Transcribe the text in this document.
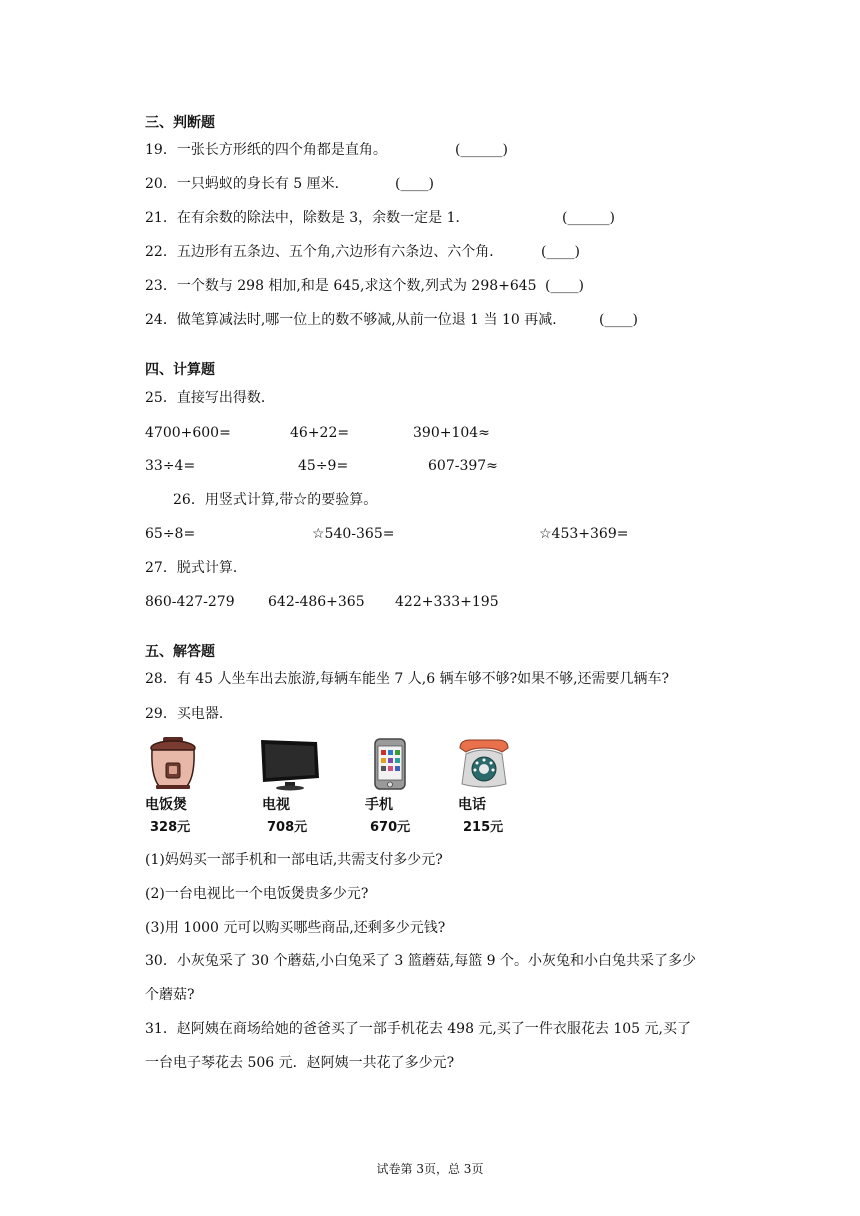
三、判断题
19．一张长方形纸的四个角都是直角。	(______)
20．一只蚂蚁的身长有 5 厘米．	(____)
21．在有余数的除法中，除数是 3，余数一定是 1．	(______)
22．五边形有五条边、五个角,六边形有六条边、六个角．	(____)
23．一个数与 298 相加,和是 645,求这个数,列式为 298+645 (____)
24．做笔算减法时,哪一位上的数不够减,从前一位退 1 当 10 再减． (____)
四、计算题
25．直接写出得数．
4700+600=	46+22=	390+104≈
33÷4=	45÷9=	607-397≈
26．用竖式计算,带☆的要验算。
65÷8=	☆540-365=	☆453+369=
27．脱式计算．
860-427-279 642-486+365 422+333+195
五、解答题
28．有 45 人坐车出去旅游,每辆车能坐 7 人,6 辆车够不够?如果不够,还需要几辆车?
29．买电器．
电饭煲
328元
电视
708元
手机
670元
电话
215元
(1)妈妈买一部手机和一部电话,共需支付多少元?
(2)一台电视比一个电饭煲贵多少元?
(3)用 1000 元可以购买哪些商品,还剩多少元钱?
30．小灰兔采了 30 个蘑菇,小白兔采了 3 篮蘑菇,每篮 9 个。小灰兔和小白兔共采了多少
个蘑菇?
31．赵阿姨在商场给她的爸爸买了一部手机花去 498 元,买了一件衣服花去 105 元,买了
一台电子琴花去 506 元．赵阿姨一共花了多少元?
试卷第 3页，总 3页
